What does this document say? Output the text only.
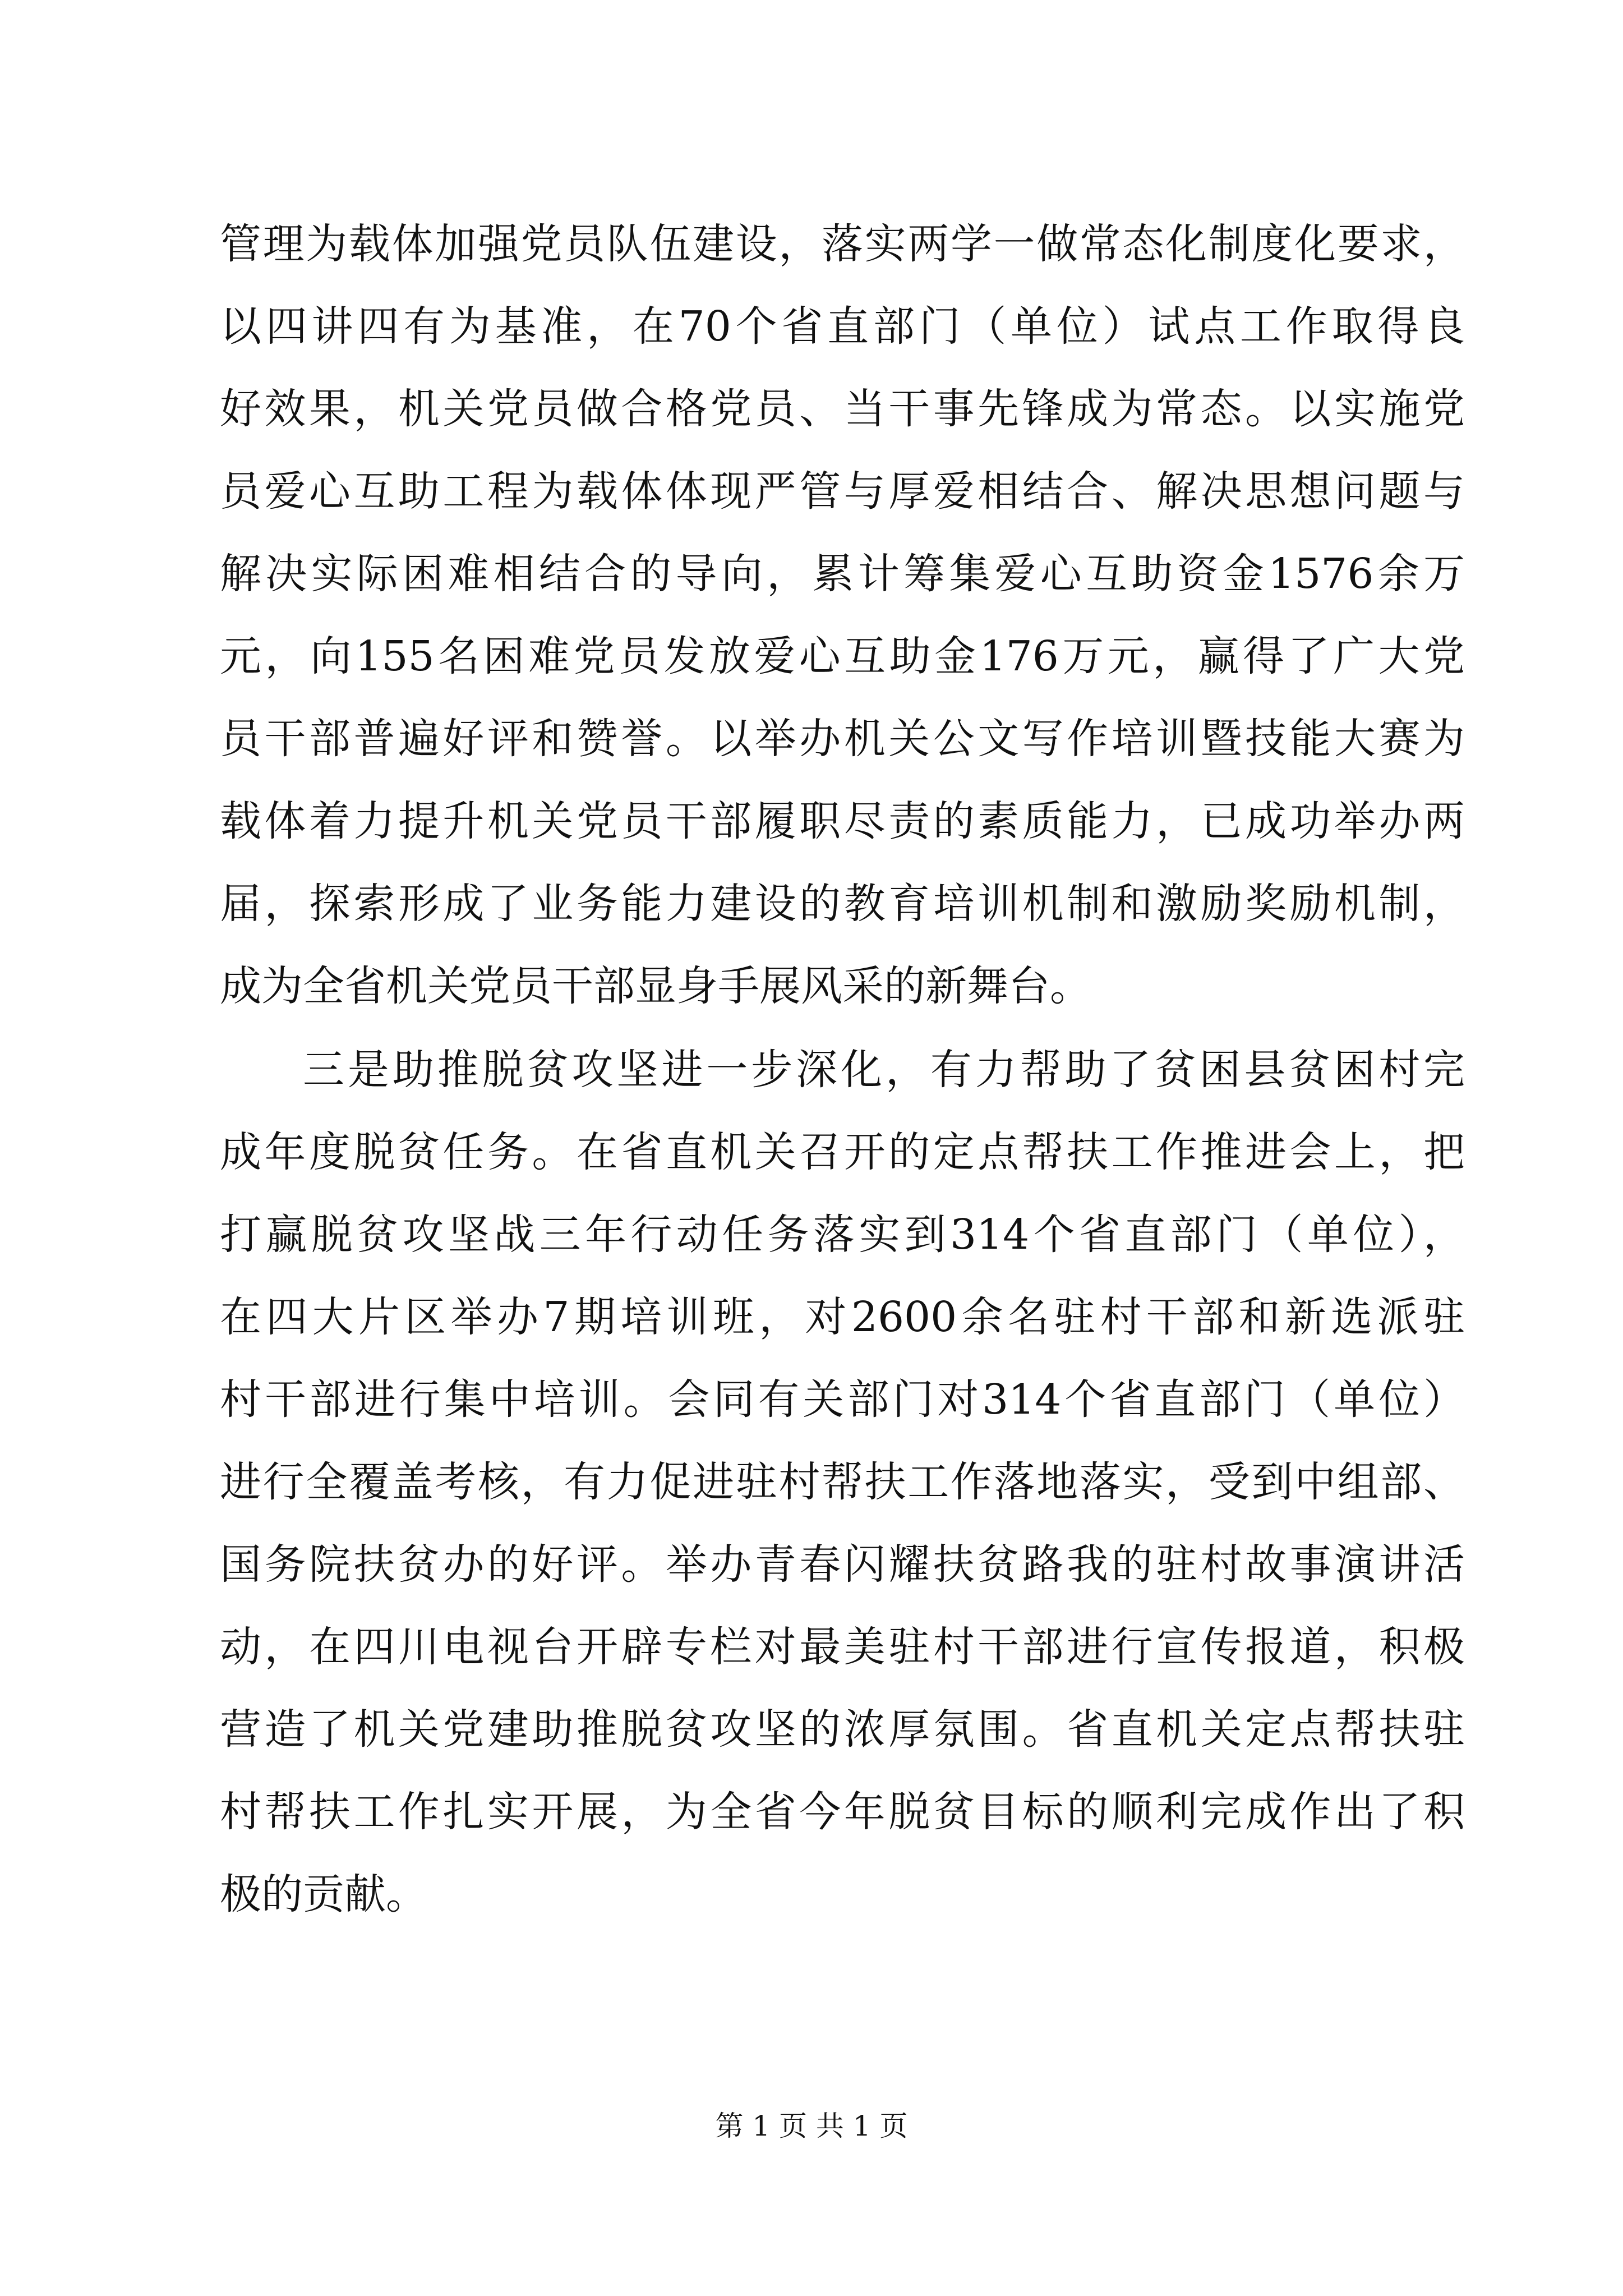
管理为载体加强党员队伍建设，落实两学一做常态化制度化要求，
以四讲四有为基准，在70个省直部门（单位）试点工作取得良
好效果，机关党员做合格党员、当干事先锋成为常态。以实施党
员爱心互助工程为载体体现严管与厚爱相结合、解决思想问题与
解决实际困难相结合的导向，累计筹集爱心互助资金1576余万
元，向155名困难党员发放爱心互助金176万元，赢得了广大党
员干部普遍好评和赞誉。以举办机关公文写作培训暨技能大赛为
载体着力提升机关党员干部履职尽责的素质能力，已成功举办两
届，探索形成了业务能力建设的教育培训机制和激励奖励机制，
成为全省机关党员干部显身手展风采的新舞台。
三是助推脱贫攻坚进一步深化，有力帮助了贫困县贫困村完
成年度脱贫任务。在省直机关召开的定点帮扶工作推进会上，把
打赢脱贫攻坚战三年行动任务落实到314个省直部门（单位），
在四大片区举办7期培训班，对2600余名驻村干部和新选派驻
村干部进行集中培训。会同有关部门对314个省直部门（单位）
进行全覆盖考核，有力促进驻村帮扶工作落地落实，受到中组部、
国务院扶贫办的好评。举办青春闪耀扶贫路我的驻村故事演讲活
动，在四川电视台开辟专栏对最美驻村干部进行宣传报道，积极
营造了机关党建助推脱贫攻坚的浓厚氛围。省直机关定点帮扶驻
村帮扶工作扎实开展，为全省今年脱贫目标的顺利完成作出了积
极的贡献。
第 1 页 共 1 页
